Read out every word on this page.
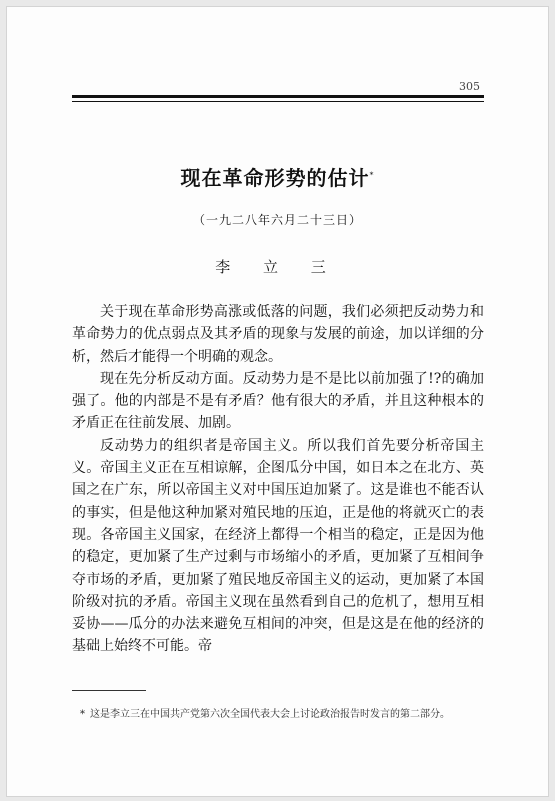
305
现在革命形势的估计*
（一九二八年六月二十三日）
李 立 三

关于现在革命形势高涨或低落的问题，我们必须把反动势力和革命势力的优点弱点及其矛盾的现象与发展的前途，加以详细的分析，然后才能得一个明确的观念。

现在先分析反动方面。反动势力是不是比以前加强了!?的确加强了。他的内部是不是有矛盾？他有很大的矛盾，并且这种根本的矛盾正在往前发展、加剧。

反动势力的组织者是帝国主义。所以我们首先要分析帝国主义。帝国主义正在互相谅解，企图瓜分中国，如日本之在北方、英国之在广东，所以帝国主义对中国压迫加紧了。这是谁也不能否认的事实，但是他这种加紧对殖民地的压迫，正是他的将就灭亡的表现。各帝国主义国家，在经济上都得一个相当的稳定，正是因为他的稳定，更加紧了生产过剩与市场缩小的矛盾，更加紧了互相间争夺市场的矛盾，更加紧了殖民地反帝国主义的运动，更加紧了本国阶级对抗的矛盾。帝国主义现在虽然看到自己的危机了，想用互相妥协——瓜分的办法来避免互相间的冲突，但是这是在他的经济的基础上始终不可能。帝

* 这是李立三在中国共产党第六次全国代表大会上讨论政治报告时发言的第二部分。
